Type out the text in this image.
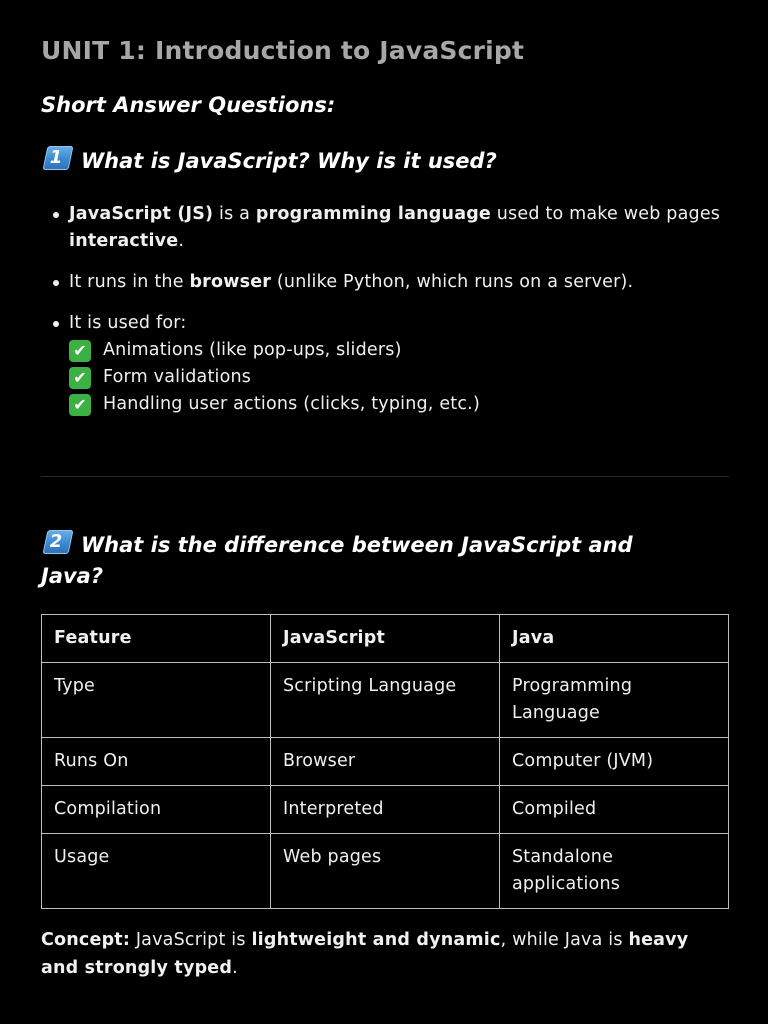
UNIT 1: Introduction to JavaScript
Short Answer Questions:
1 What is JavaScript? Why is it used?
JavaScript (JS) is a programming language used to make web pages interactive.
It runs in the browser (unlike Python, which runs on a server).
It is used for:
✔ Animations (like pop-ups, sliders)
✔ Form validations
✔ Handling user actions (clicks, typing, etc.)
2 What is the difference between JavaScript and Java?
Feature	JavaScript	Java
Type	Scripting Language	Programming Language
Runs On	Browser	Computer (JVM)
Compilation	Interpreted	Compiled
Usage	Web pages	Standalone applications
Concept: JavaScript is lightweight and dynamic, while Java is heavy and strongly typed.
